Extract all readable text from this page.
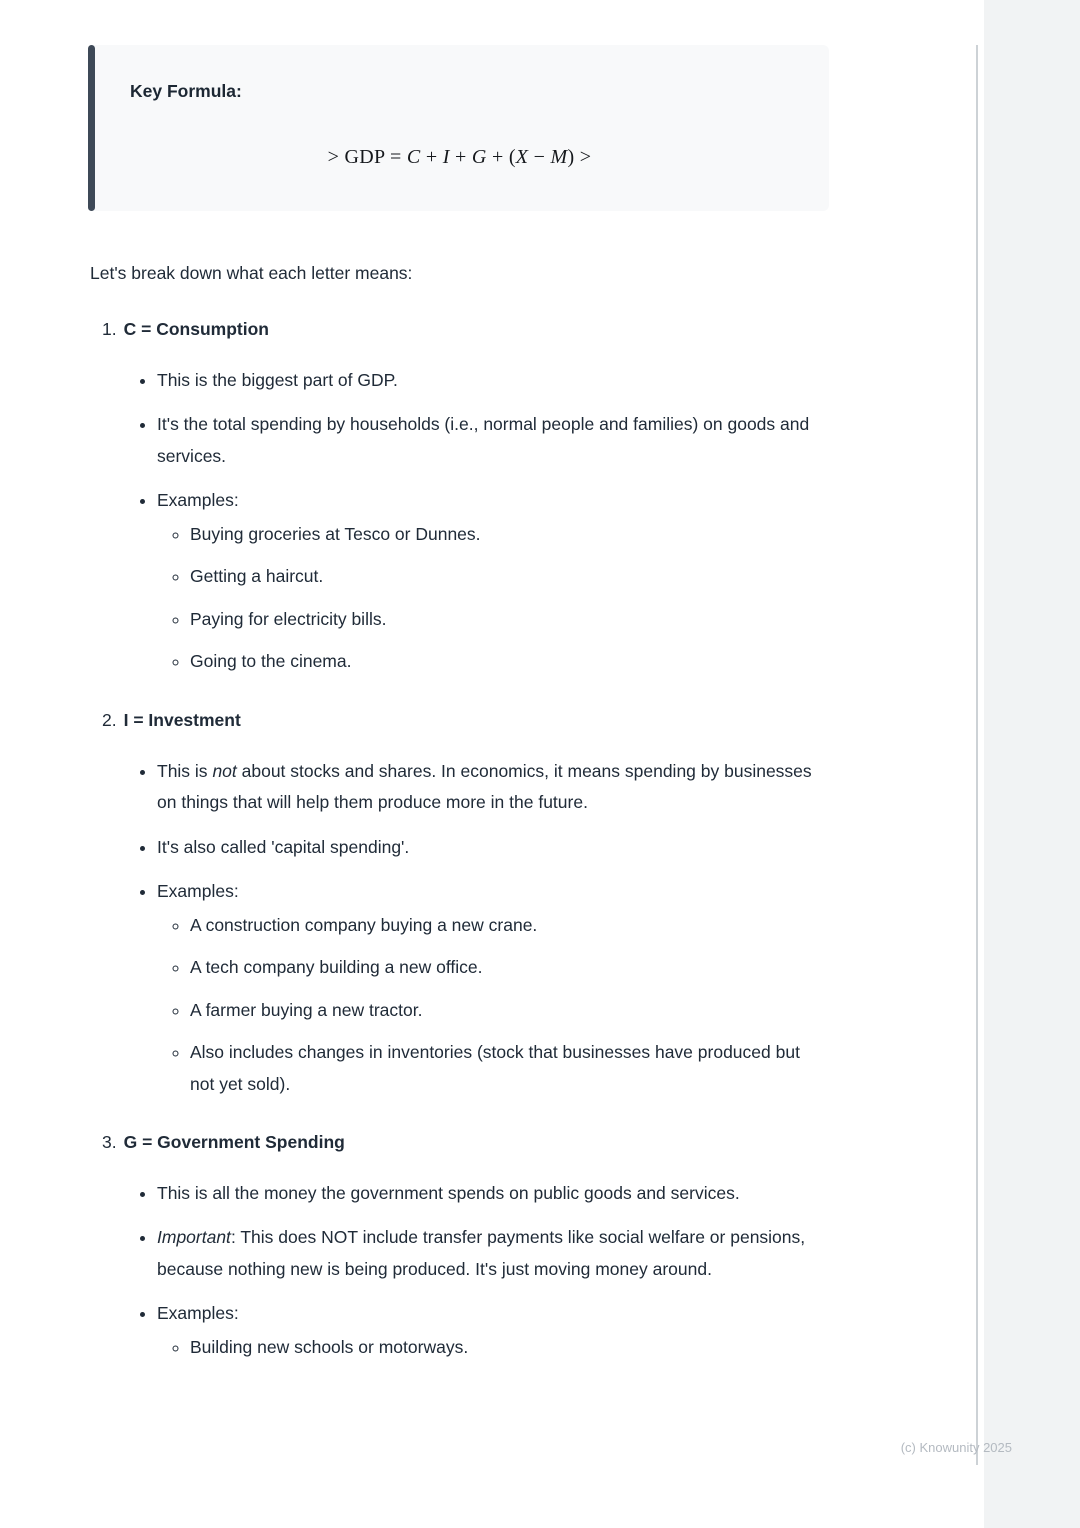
Key Formula:
> GDP = C + I + G + (X − M) >

Let's break down what each letter means:

1. C = Consumption
• This is the biggest part of GDP.
• It's the total spending by households (i.e., normal people and families) on goods and services.
• Examples:
◦ Buying groceries at Tesco or Dunnes.
◦ Getting a haircut.
◦ Paying for electricity bills.
◦ Going to the cinema.
2. I = Investment
• This is not about stocks and shares. In economics, it means spending by businesses on things that will help them produce more in the future.
• It's also called 'capital spending'.
• Examples:
◦ A construction company buying a new crane.
◦ A tech company building a new office.
◦ A farmer buying a new tractor.
◦ Also includes changes in inventories (stock that businesses have produced but not yet sold).
3. G = Government Spending
• This is all the money the government spends on public goods and services.
• Important: This does NOT include transfer payments like social welfare or pensions, because nothing new is being produced. It's just moving money around.
• Examples:
◦ Building new schools or motorways.
(c) Knowunity 2025
